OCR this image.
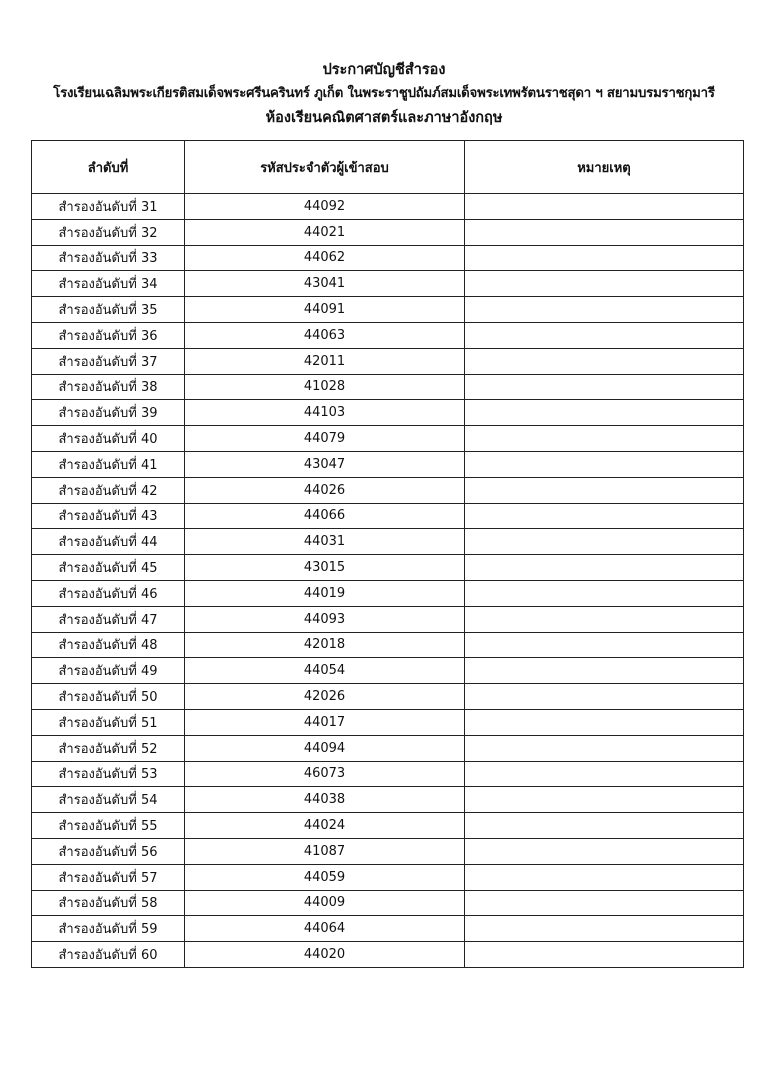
ประกาศบัญชีสำรอง
โรงเรียนเฉลิมพระเกียรติสมเด็จพระศรีนครินทร์ ภูเก็ต ในพระราชูปถัมภ์สมเด็จพระเทพรัตนราชสุดา ฯ สยามบรมราชกุมารี
ห้องเรียนคณิตศาสตร์และภาษาอังกฤษ
ลำดับที่	รหัสประจำตัวผู้เข้าสอบ	หมายเหตุ
สำรองอันดับที่ 31	44092	
สำรองอันดับที่ 32	44021	
สำรองอันดับที่ 33	44062	
สำรองอันดับที่ 34	43041	
สำรองอันดับที่ 35	44091	
สำรองอันดับที่ 36	44063	
สำรองอันดับที่ 37	42011	
สำรองอันดับที่ 38	41028	
สำรองอันดับที่ 39	44103	
สำรองอันดับที่ 40	44079	
สำรองอันดับที่ 41	43047	
สำรองอันดับที่ 42	44026	
สำรองอันดับที่ 43	44066	
สำรองอันดับที่ 44	44031	
สำรองอันดับที่ 45	43015	
สำรองอันดับที่ 46	44019	
สำรองอันดับที่ 47	44093	
สำรองอันดับที่ 48	42018	
สำรองอันดับที่ 49	44054	
สำรองอันดับที่ 50	42026	
สำรองอันดับที่ 51	44017	
สำรองอันดับที่ 52	44094	
สำรองอันดับที่ 53	46073	
สำรองอันดับที่ 54	44038	
สำรองอันดับที่ 55	44024	
สำรองอันดับที่ 56	41087	
สำรองอันดับที่ 57	44059	
สำรองอันดับที่ 58	44009	
สำรองอันดับที่ 59	44064	
สำรองอันดับที่ 60	44020	
